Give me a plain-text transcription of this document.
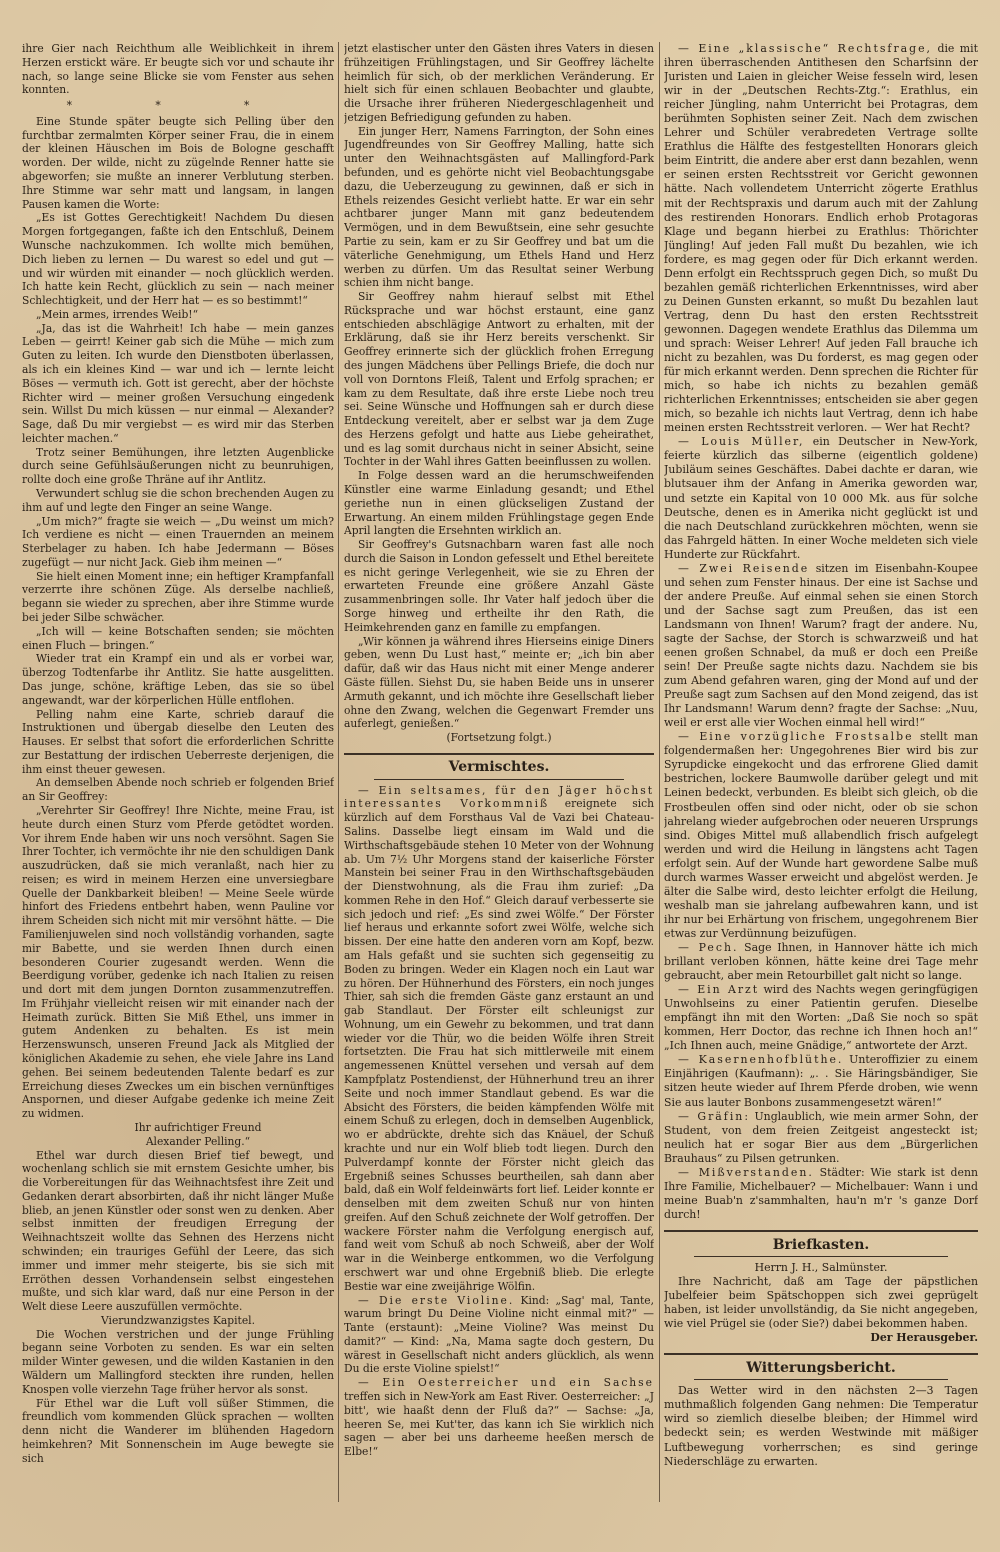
ihre Gier nach Reichthum alle Weiblichkeit in ihrem Herzen erstickt wäre. Er beugte sich vor und schaute ihr nach, so lange seine Blicke sie vom Fenster aus sehen konnten.

* * *

Eine Stunde später beugte sich Pelling über den furchtbar zermalmten Körper seiner Frau, die in einem der kleinen Häuschen im Bois de Bologne geschafft worden. Der wilde, nicht zu zügelnde Renner hatte sie abgeworfen; sie mußte an innerer Verblutung sterben. Ihre Stimme war sehr matt und langsam, in langen Pausen kamen die Worte:

„Es ist Gottes Gerechtigkeit! Nachdem Du diesen Morgen fortgegangen, faßte ich den Entschluß, Deinem Wunsche nachzukommen. Ich wollte mich bemühen, Dich lieben zu lernen — Du warest so edel und gut — und wir würden mit einander — noch glücklich werden. Ich hatte kein Recht, glücklich zu sein — nach meiner Schlechtigkeit, und der Herr hat — es so bestimmt!“

„Mein armes, irrendes Weib!“

„Ja, das ist die Wahrheit! Ich habe — mein ganzes Leben — geirrt! Keiner gab sich die Mühe — mich zum Guten zu leiten. Ich wurde den Dienstboten überlassen, als ich ein kleines Kind — war und ich — lernte leicht Böses — vermuth ich. Gott ist gerecht, aber der höchste Richter wird — meiner großen Versuchung eingedenk sein. Willst Du mich küssen — nur einmal — Alexander? Sage, daß Du mir vergiebst — es wird mir das Sterben leichter machen.“

Trotz seiner Bemühungen, ihre letzten Augenblicke durch seine Gefühlsäußerungen nicht zu beunruhigen, rollte doch eine große Thräne auf ihr Antlitz.

Verwundert schlug sie die schon brechenden Augen zu ihm auf und legte den Finger an seine Wange.

„Um mich?“ fragte sie weich — „Du weinst um mich? Ich verdiene es nicht — einen Trauernden an meinem Sterbelager zu haben. Ich habe Jedermann — Böses zugefügt — nur nicht Jack. Gieb ihm meinen —“

Sie hielt einen Moment inne; ein heftiger Krampfanfall verzerrte ihre schönen Züge. Als derselbe nachließ, begann sie wieder zu sprechen, aber ihre Stimme wurde bei jeder Silbe schwächer.

„Ich will — keine Botschaften senden; sie möchten einen Fluch — bringen.“

Wieder trat ein Krampf ein und als er vorbei war, überzog Todtenfarbe ihr Antlitz. Sie hatte ausgelitten. Das junge, schöne, kräftige Leben, das sie so übel angewandt, war der körperlichen Hülle entflohen.

Pelling nahm eine Karte, schrieb darauf die Instruktionen und übergab dieselbe den Leuten des Hauses. Er selbst that sofort die erforderlichen Schritte zur Bestattung der irdischen Ueberreste derjenigen, die ihm einst theuer gewesen.

An demselben Abende noch schrieb er folgenden Brief an Sir Geoffrey:

„Verehrter Sir Geoffrey! Ihre Nichte, meine Frau, ist heute durch einen Sturz vom Pferde getödtet worden. Vor ihrem Ende haben wir uns noch versöhnt. Sagen Sie Ihrer Tochter, ich vermöchte ihr nie den schuldigen Dank auszudrücken, daß sie mich veranlaßt, nach hier zu reisen; es wird in meinem Herzen eine unversiegbare Quelle der Dankbarkeit bleiben! — Meine Seele würde hinfort des Friedens entbehrt haben, wenn Pauline vor ihrem Scheiden sich nicht mit mir versöhnt hätte. — Die Familienjuwelen sind noch vollständig vorhanden, sagte mir Babette, und sie werden Ihnen durch einen besonderen Courier zugesandt werden. Wenn die Beerdigung vorüber, gedenke ich nach Italien zu reisen und dort mit dem jungen Dornton zusammenzutreffen. Im Frühjahr vielleicht reisen wir mit einander nach der Heimath zurück. Bitten Sie Miß Ethel, uns immer in gutem Andenken zu behalten. Es ist mein Herzenswunsch, unseren Freund Jack als Mitglied der königlichen Akademie zu sehen, ehe viele Jahre ins Land gehen. Bei seinem bedeutenden Talente bedarf es zur Erreichung dieses Zweckes um ein bischen vernünftiges Anspornen, und dieser Aufgabe gedenke ich meine Zeit zu widmen.

Ihr aufrichtiger Freund

Alexander Pelling.“

Ethel war durch diesen Brief tief bewegt, und wochenlang schlich sie mit ernstem Gesichte umher, bis die Vorbereitungen für das Weihnachtsfest ihre Zeit und Gedanken derart absorbirten, daß ihr nicht länger Muße blieb, an jenen Künstler oder sonst wen zu denken. Aber selbst inmitten der freudigen Erregung der Weihnachtszeit wollte das Sehnen des Herzens nicht schwinden; ein trauriges Gefühl der Leere, das sich immer und immer mehr steigerte, bis sie sich mit Erröthen dessen Vorhandensein selbst eingestehen mußte, und sich klar ward, daß nur eine Person in der Welt diese Leere auszufüllen vermöchte.

Vierundzwanzigstes Kapitel.

Die Wochen verstrichen und der junge Frühling begann seine Vorboten zu senden. Es war ein selten milder Winter gewesen, und die wilden Kastanien in den Wäldern um Mallingford steckten ihre runden, hellen Knospen volle vierzehn Tage früher hervor als sonst.

Für Ethel war die Luft voll süßer Stimmen, die freundlich vom kommenden Glück sprachen — wollten denn nicht die Wanderer im blühenden Hagedorn heimkehren? Mit Sonnenschein im Auge bewegte sie sich

jetzt elastischer unter den Gästen ihres Vaters in diesen frühzeitigen Frühlingstagen, und Sir Geoffrey lächelte heimlich für sich, ob der merklichen Veränderung. Er hielt sich für einen schlauen Beobachter und glaubte, die Ursache ihrer früheren Niedergeschlagenheit und jetzigen Befriedigung gefunden zu haben.

Ein junger Herr, Namens Farrington, der Sohn eines Jugendfreundes von Sir Geoffrey Malling, hatte sich unter den Weihnachtsgästen auf Mallingford-Park befunden, und es gehörte nicht viel Beobachtungsgabe dazu, die Ueberzeugung zu gewinnen, daß er sich in Ethels reizendes Gesicht verliebt hatte. Er war ein sehr achtbarer junger Mann mit ganz bedeutendem Vermögen, und in dem Bewußtsein, eine sehr gesuchte Partie zu sein, kam er zu Sir Geoffrey und bat um die väterliche Genehmigung, um Ethels Hand und Herz werben zu dürfen. Um das Resultat seiner Werbung schien ihm nicht bange.

Sir Geoffrey nahm hierauf selbst mit Ethel Rücksprache und war höchst erstaunt, eine ganz entschieden abschlägige Antwort zu erhalten, mit der Erklärung, daß sie ihr Herz bereits verschenkt. Sir Geoffrey erinnerte sich der glücklich frohen Erregung des jungen Mädchens über Pellings Briefe, die doch nur voll von Dorntons Fleiß, Talent und Erfolg sprachen; er kam zu dem Resultate, daß ihre erste Liebe noch treu sei. Seine Wünsche und Hoffnungen sah er durch diese Entdeckung vereitelt, aber er selbst war ja dem Zuge des Herzens gefolgt und hatte aus Liebe geheirathet, und es lag somit durchaus nicht in seiner Absicht, seine Tochter in der Wahl ihres Gatten beeinflussen zu wollen.

In Folge dessen ward an die herumschweifenden Künstler eine warme Einladung gesandt; und Ethel geriethe nun in einen glückseligen Zustand der Erwartung. An einem milden Frühlingstage gegen Ende April langten die Ersehnten wirklich an.

Sir Geoffrey's Gutsnachbarn waren fast alle noch durch die Saison in London gefesselt und Ethel bereitete es nicht geringe Verlegenheit, wie sie zu Ehren der erwarteten Freunde eine größere Anzahl Gäste zusammenbringen solle. Ihr Vater half jedoch über die Sorge hinweg und ertheilte ihr den Rath, die Heimkehrenden ganz en famille zu empfangen.

„Wir können ja während ihres Hierseins einige Diners geben, wenn Du Lust hast,“ meinte er; „ich bin aber dafür, daß wir das Haus nicht mit einer Menge anderer Gäste füllen. Siehst Du, sie haben Beide uns in unserer Armuth gekannt, und ich möchte ihre Gesellschaft lieber ohne den Zwang, welchen die Gegenwart Fremder uns auferlegt, genießen.“

(Fortsetzung folgt.)

Vermischtes.

— Ein seltsames, für den Jäger höchst interessantes Vorkommniß ereignete sich kürzlich auf dem Forsthaus Val de Vazi bei Chateau-Salins. Dasselbe liegt einsam im Wald und die Wirthschaftsgebäude stehen 10 Meter von der Wohnung ab. Um 7½ Uhr Morgens stand der kaiserliche Förster Manstein bei seiner Frau in den Wirthschaftsgebäuden der Dienstwohnung, als die Frau ihm zurief: „Da kommen Rehe in den Hof.“ Gleich darauf verbesserte sie sich jedoch und rief: „Es sind zwei Wölfe.“ Der Förster lief heraus und erkannte sofort zwei Wölfe, welche sich bissen. Der eine hatte den anderen vorn am Kopf, bezw. am Hals gefaßt und sie suchten sich gegenseitig zu Boden zu bringen. Weder ein Klagen noch ein Laut war zu hören. Der Hühnerhund des Försters, ein noch junges Thier, sah sich die fremden Gäste ganz erstaunt an und gab Standlaut. Der Förster eilt schleunigst zur Wohnung, um ein Gewehr zu bekommen, und trat dann wieder vor die Thür, wo die beiden Wölfe ihren Streit fortsetzten. Die Frau hat sich mittlerweile mit einem angemessenen Knüttel versehen und versah auf dem Kampfplatz Postendienst, der Hühnerhund treu an ihrer Seite und noch immer Standlaut gebend. Es war die Absicht des Försters, die beiden kämpfenden Wölfe mit einem Schuß zu erlegen, doch in demselben Augenblick, wo er abdrückte, drehte sich das Knäuel, der Schuß krachte und nur ein Wolf blieb todt liegen. Durch den Pulverdampf konnte der Förster nicht gleich das Ergebniß seines Schusses beurtheilen, sah dann aber bald, daß ein Wolf feldeinwärts fort lief. Leider konnte er denselben mit dem zweiten Schuß nur von hinten greifen. Auf den Schuß zeichnete der Wolf getroffen. Der wackere Förster nahm die Verfolgung energisch auf, fand weit vom Schuß ab noch Schweiß, aber der Wolf war in die Weinberge entkommen, wo die Verfolgung erschwert war und ohne Ergebniß blieb. Die erlegte Bestie war eine zweijährige Wölfin.

— Die erste Violine. Kind: „Sag' mal, Tante, warum bringt Du Deine Violine nicht einmal mit?“ — Tante (erstaunt): „Meine Violine? Was meinst Du damit?“ — Kind: „Na, Mama sagte doch gestern, Du wärest in Gesellschaft nicht anders glücklich, als wenn Du die erste Violine spielst!“

— Ein Oesterreicher und ein Sachse treffen sich in New-York am East River. Oesterreicher: „J bitt', wie haaßt denn der Fluß da?“ — Sachse: „Ja, heeren Se, mei Kut'ter, das kann ich Sie wirklich nich sagen — aber bei uns darheeme heeßen mersch de Elbe!“

— Eine „klassische“ Rechtsfrage, die mit ihren überraschenden Antithesen den Scharfsinn der Juristen und Laien in gleicher Weise fesseln wird, lesen wir in der „Deutschen Rechts-Ztg.“: Erathlus, ein reicher Jüngling, nahm Unterricht bei Protagras, dem berühmten Sophisten seiner Zeit. Nach dem zwischen Lehrer und Schüler verabredeten Vertrage sollte Erathlus die Hälfte des festgestellten Honorars gleich beim Eintritt, die andere aber erst dann bezahlen, wenn er seinen ersten Rechtsstreit vor Gericht gewonnen hätte. Nach vollendetem Unterricht zögerte Erathlus mit der Rechtspraxis und darum auch mit der Zahlung des restirenden Honorars. Endlich erhob Protagoras Klage und begann hierbei zu Erathlus: Thörichter Jüngling! Auf jeden Fall mußt Du bezahlen, wie ich fordere, es mag gegen oder für Dich erkannt werden. Denn erfolgt ein Rechtsspruch gegen Dich, so mußt Du bezahlen gemäß richterlichen Erkenntnisses, wird aber zu Deinen Gunsten erkannt, so mußt Du bezahlen laut Vertrag, denn Du hast den ersten Rechtsstreit gewonnen. Dagegen wendete Erathlus das Dilemma um und sprach: Weiser Lehrer! Auf jeden Fall brauche ich nicht zu bezahlen, was Du forderst, es mag gegen oder für mich erkannt werden. Denn sprechen die Richter für mich, so habe ich nichts zu bezahlen gemäß richterlichen Erkenntnisses; entscheiden sie aber gegen mich, so bezahle ich nichts laut Vertrag, denn ich habe meinen ersten Rechtsstreit verloren. — Wer hat Recht?

— Louis Müller, ein Deutscher in New-York, feierte kürzlich das silberne (eigentlich goldene) Jubiläum seines Geschäftes. Dabei dachte er daran, wie blutsauer ihm der Anfang in Amerika geworden war, und setzte ein Kapital von 10 000 Mk. aus für solche Deutsche, denen es in Amerika nicht geglückt ist und die nach Deutschland zurückkehren möchten, wenn sie das Fahrgeld hätten. In einer Woche meldeten sich viele Hunderte zur Rückfahrt.

— Zwei Reisende sitzen im Eisenbahn-Koupee und sehen zum Fenster hinaus. Der eine ist Sachse und der andere Preuße. Auf einmal sehen sie einen Storch und der Sachse sagt zum Preußen, das ist een Landsmann von Ihnen! Warum? fragt der andere. Nu, sagte der Sachse, der Storch is schwarzweiß und hat eenen großen Schnabel, da muß er doch een Preiße sein! Der Preuße sagte nichts dazu. Nachdem sie bis zum Abend gefahren waren, ging der Mond auf und der Preuße sagt zum Sachsen auf den Mond zeigend, das ist Ihr Landsmann! Warum denn? fragte der Sachse: „Nuu, weil er erst alle vier Wochen einmal hell wird!“

— Eine vorzügliche Frostsalbe stellt man folgendermaßen her: Ungegohrenes Bier wird bis zur Syrupdicke eingekocht und das erfrorene Glied damit bestrichen, lockere Baumwolle darüber gelegt und mit Leinen bedeckt, verbunden. Es bleibt sich gleich, ob die Frostbeulen offen sind oder nicht, oder ob sie schon jahrelang wieder aufgebrochen oder neueren Ursprungs sind. Obiges Mittel muß allabendlich frisch aufgelegt werden und wird die Heilung in längstens acht Tagen erfolgt sein. Auf der Wunde hart gewordene Salbe muß durch warmes Wasser erweicht und abgelöst werden. Je älter die Salbe wird, desto leichter erfolgt die Heilung, weshalb man sie jahrelang aufbewahren kann, und ist ihr nur bei Erhärtung von frischem, ungegohrenem Bier etwas zur Verdünnung beizufügen.

— Pech. Sage Ihnen, in Hannover hätte ich mich brillant verloben können, hätte keine drei Tage mehr gebraucht, aber mein Retourbillet galt nicht so lange.

— Ein Arzt wird des Nachts wegen geringfügigen Unwohlseins zu einer Patientin gerufen. Dieselbe empfängt ihn mit den Worten: „Daß Sie noch so spät kommen, Herr Doctor, das rechne ich Ihnen hoch an!“ „Ich Ihnen auch, meine Gnädige,“ antwortete der Arzt.

— Kasernenhofblüthe. Unteroffizier zu einem Einjährigen (Kaufmann): „. . Sie Häringsbändiger, Sie sitzen heute wieder auf Ihrem Pferde droben, wie wenn Sie aus lauter Bonbons zusammengesetzt wären!“

— Gräfin: Unglaublich, wie mein armer Sohn, der Student, von dem freien Zeitgeist angesteckt ist; neulich hat er sogar Bier aus dem „Bürgerlichen Brauhaus“ zu Pilsen getrunken.

— Mißverstanden. Städter: Wie stark ist denn Ihre Familie, Michelbauer? — Michelbauer: Wann i und meine Buab'n z'sammhalten, hau'n m'r 's ganze Dorf durch!

Briefkasten.

Herrn J. H., Salmünster.

Ihre Nachricht, daß am Tage der päpstlichen Jubelfeier beim Spätschoppen sich zwei geprügelt haben, ist leider unvollständig, da Sie nicht angegeben, wie viel Prügel sie (oder Sie?) dabei bekommen haben.

Der Herausgeber.

Witterungsbericht.

Das Wetter wird in den nächsten 2—3 Tagen muthmaßlich folgenden Gang nehmen: Die Temperatur wird so ziemlich dieselbe bleiben; der Himmel wird bedeckt sein; es werden Westwinde mit mäßiger Luftbewegung vorherrschen; es sind geringe Niederschläge zu erwarten.
